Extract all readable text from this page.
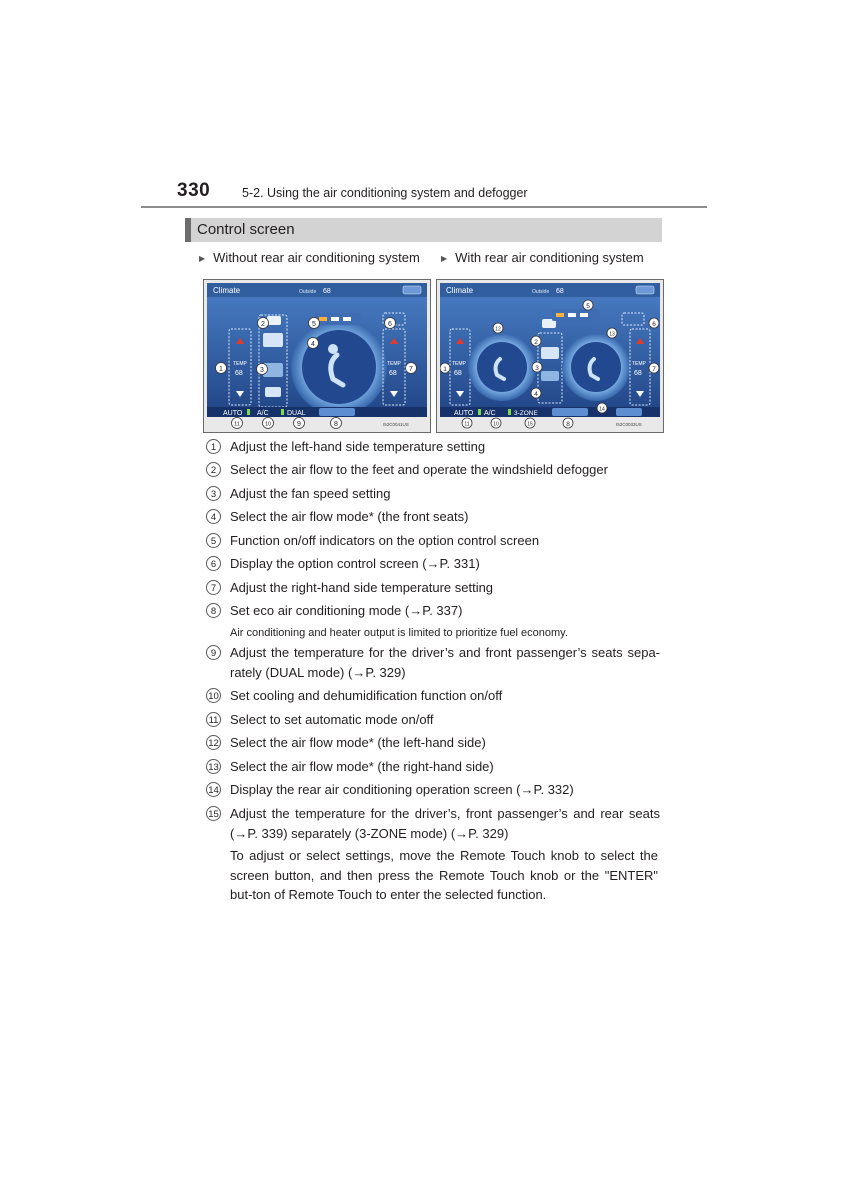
330	5-2. Using the air conditioning system and defogger
Control screen
▶ Without rear air conditioning system	▶ With rear air conditioning system
Climate	Outside 68
TEMP
68
TEMP
68
AUTO A/C	DUAL
I52C0041US
1
2
3
4
5	6
7
8
9
10
11
Climate	Outside 68
TEMP
68
TEMP
68
AUTO A/C	3-ZONE
I52C0033US
1
2
3
4
5
6
7
8
10
11
12
13
14
15
1	Adjust the left-hand side temperature setting
2	Select the air flow to the feet and operate the windshield defogger
3	Adjust the fan speed setting
4	Select the air flow mode* (the front seats)
5	Function on/off indicators on the option control screen
6	Display the option control screen (→P. 331)
7	Adjust the right-hand side temperature setting
8	Set eco air conditioning mode (→P. 337)
Air conditioning and heater output is limited to prioritize fuel economy.
9	Adjust the temperature for the driver’s and front passenger’s seats sepa-rately (DUAL mode) (→P. 329)
10 Set cooling and dehumidification function on/off
11 Select to set automatic mode on/off
12 Select the air flow mode* (the left-hand side)
13 Select the air flow mode* (the right-hand side)
14 Display the rear air conditioning operation screen (→P. 332)
15 Adjust the temperature for the driver’s, front passenger’s and rear seats (→P. 339) separately (3-ZONE mode) (→P. 329)
To adjust or select settings, move the Remote Touch knob to select the screen button, and then press the Remote Touch knob or the "ENTER" but-ton of Remote Touch to enter the selected function.
